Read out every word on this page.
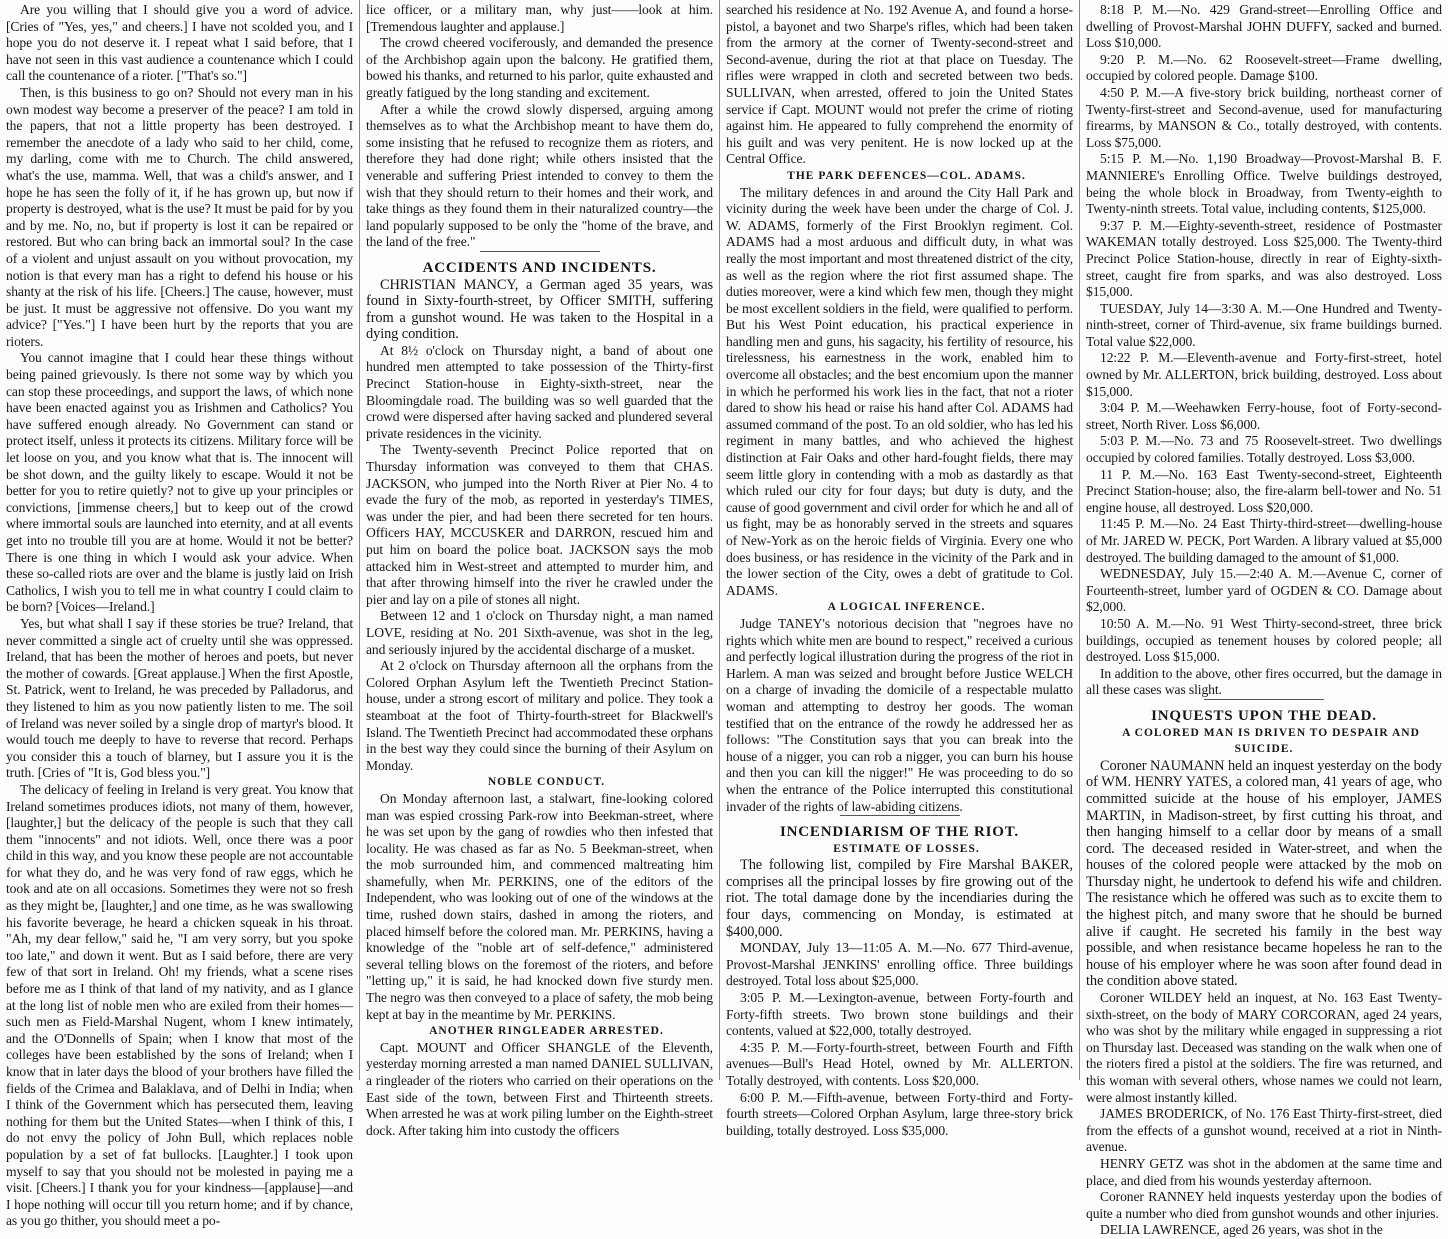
Are you willing that I should give you a word of advice. [Cries of "Yes, yes," and cheers.] I have not scolded you, and I hope you do not deserve it. I repeat what I said before, that I have not seen in this vast audience a countenance which I could call the countenance of a rioter. ["That's so."]

Then, is this business to go on? Should not every man in his own modest way become a preserver of the peace? I am told in the papers, that not a little property has been destroyed. I remember the anecdote of a lady who said to her child, come, my darling, come with me to Church. The child answered, what's the use, mamma. Well, that was a child's answer, and I hope he has seen the folly of it, if he has grown up, but now if property is destroyed, what is the use? It must be paid for by you and by me. No, no, but if property is lost it can be repaired or restored. But who can bring back an immortal soul? In the case of a violent and unjust assault on you without provocation, my notion is that every man has a right to defend his house or his shanty at the risk of his life. [Cheers.] The cause, however, must be just. It must be aggressive not offensive. Do you want my advice? ["Yes."] I have been hurt by the reports that you are rioters.

You cannot imagine that I could hear these things without being pained grievously. Is there not some way by which you can stop these proceedings, and support the laws, of which none have been enacted against you as Irishmen and Catholics? You have suffered enough already. No Government can stand or protect itself, unless it protects its citizens. Military force will be let loose on you, and you know what that is. The innocent will be shot down, and the guilty likely to escape. Would it not be better for you to retire quietly? not to give up your principles or convictions, [immense cheers,] but to keep out of the crowd where immortal souls are launched into eternity, and at all events get into no trouble till you are at home. Would it not be better? There is one thing in which I would ask your advice. When these so-called riots are over and the blame is justly laid on Irish Catholics, I wish you to tell me in what country I could claim to be born? [Voices—Ireland.]

Yes, but what shall I say if these stories be true? Ireland, that never committed a single act of cruelty until she was oppressed. Ireland, that has been the mother of heroes and poets, but never the mother of cowards. [Great applause.] When the first Apostle, St. Patrick, went to Ireland, he was preceded by Palladorus, and they listened to him as you now patiently listen to me. The soil of Ireland was never soiled by a single drop of martyr's blood. It would touch me deeply to have to reverse that record. Perhaps you consider this a touch of blarney, but I assure you it is the truth. [Cries of "It is, God bless you."]

The delicacy of feeling in Ireland is very great. You know that Ireland sometimes produces idiots, not many of them, however, [laughter,] but the delicacy of the people is such that they call them "innocents" and not idiots. Well, once there was a poor child in this way, and you know these people are not accountable for what they do, and he was very fond of raw eggs, which he took and ate on all occasions. Sometimes they were not so fresh as they might be, [laughter,] and one time, as he was swallowing his favorite beverage, he heard a chicken squeak in his throat. "Ah, my dear fellow," said he, "I am very sorry, but you spoke too late," and down it went. But as I said before, there are very few of that sort in Ireland. Oh! my friends, what a scene rises before me as I think of that land of my nativity, and as I glance at the long list of noble men who are exiled from their homes—such men as Field-Marshal Nugent, whom I knew intimately, and the O'Donnells of Spain; when I know that most of the colleges have been established by the sons of Ireland; when I know that in later days the blood of your brothers have filled the fields of the Crimea and Balaklava, and of Delhi in India; when I think of the Government which has persecuted them, leaving nothing for them but the United States—when I think of this, I do not envy the policy of John Bull, which replaces noble population by a set of fat bullocks. [Laughter.] I took upon myself to say that you should not be molested in paying me a visit. [Cheers.] I thank you for your kindness—[applause]—and I hope nothing will occur till you return home; and if by chance, as you go thither, you should meet a po-

lice officer, or a military man, why just——look at him. [Tremendous laughter and applause.]

The crowd cheered vociferously, and demanded the presence of the Archbishop again upon the balcony. He gratified them, bowed his thanks, and returned to his parlor, quite exhausted and greatly fatigued by the long standing and excitement.

After a while the crowd slowly dispersed, arguing among themselves as to what the Archbishop meant to have them do, some insisting that he refused to recognize them as rioters, and therefore they had done right; while others insisted that the venerable and suffering Priest intended to convey to them the wish that they should return to their homes and their work, and take things as they found them in their naturalized country—the land popularly supposed to be only the "home of the brave, and the land of the free."

ACCIDENTS AND INCIDENTS.

CHRISTIAN MANCY, a German aged 35 years, was found in Sixty-fourth-street, by Officer SMITH, suffering from a gunshot wound. He was taken to the Hospital in a dying condition.

At 8½ o'clock on Thursday night, a band of about one hundred men attempted to take possession of the Thirty-first Precinct Station-house in Eighty-sixth-street, near the Bloomingdale road. The building was so well guarded that the crowd were dispersed after having sacked and plundered several private residences in the vicinity.

The Twenty-seventh Precinct Police reported that on Thursday information was conveyed to them that CHAS. JACKSON, who jumped into the North River at Pier No. 4 to evade the fury of the mob, as reported in yesterday's TIMES, was under the pier, and had been there secreted for ten hours. Officers HAY, MCCUSKER and DARRON, rescued him and put him on board the police boat. JACKSON says the mob attacked him in West-street and attempted to murder him, and that after throwing himself into the river he crawled under the pier and lay on a pile of stones all night.

Between 12 and 1 o'clock on Thursday night, a man named LOVE, residing at No. 201 Sixth-avenue, was shot in the leg, and seriously injured by the accidental discharge of a musket.

At 2 o'clock on Thursday afternoon all the orphans from the Colored Orphan Asylum left the Twentieth Precinct Station-house, under a strong escort of military and police. They took a steamboat at the foot of Thirty-fourth-street for Blackwell's Island. The Twentieth Precinct had accommodated these orphans in the best way they could since the burning of their Asylum on Monday.

NOBLE CONDUCT.

On Monday afternoon last, a stalwart, fine-looking colored man was espied crossing Park-row into Beekman-street, where he was set upon by the gang of rowdies who then infested that locality. He was chased as far as No. 5 Beekman-street, when the mob surrounded him, and commenced maltreating him shamefully, when Mr. PERKINS, one of the editors of the Independent, who was looking out of one of the windows at the time, rushed down stairs, dashed in among the rioters, and placed himself before the colored man. Mr. PERKINS, having a knowledge of the "noble art of self-defence," administered several telling blows on the foremost of the rioters, and before "letting up," it is said, he had knocked down five sturdy men. The negro was then conveyed to a place of safety, the mob being kept at bay in the meantime by Mr. PERKINS.

ANOTHER RINGLEADER ARRESTED.

Capt. MOUNT and Officer SHANGLE of the Eleventh, yesterday morning arrested a man named DANIEL SULLIVAN, a ringleader of the rioters who carried on their operations on the East side of the town, between First and Thirteenth streets. When arrested he was at work piling lumber on the Eighth-street dock. After taking him into custody the officers

searched his residence at No. 192 Avenue A, and found a horse-pistol, a bayonet and two Sharpe's rifles, which had been taken from the armory at the corner of Twenty-second-street and Second-avenue, during the riot at that place on Tuesday. The rifles were wrapped in cloth and secreted between two beds. SULLIVAN, when arrested, offered to join the United States service if Capt. MOUNT would not prefer the crime of rioting against him. He appeared to fully comprehend the enormity of his guilt and was very penitent. He is now locked up at the Central Office.

THE PARK DEFENCES—COL. ADAMS.

The military defences in and around the City Hall Park and vicinity during the week have been under the charge of Col. J. W. ADAMS, formerly of the First Brooklyn regiment. Col. ADAMS had a most arduous and difficult duty, in what was really the most important and most threatened district of the city, as well as the region where the riot first assumed shape. The duties moreover, were a kind which few men, though they might be most excellent soldiers in the field, were qualified to perform. But his West Point education, his practical experience in handling men and guns, his sagacity, his fertility of resource, his tirelessness, his earnestness in the work, enabled him to overcome all obstacles; and the best encomium upon the manner in which he performed his work lies in the fact, that not a rioter dared to show his head or raise his hand after Col. ADAMS had assumed command of the post. To an old soldier, who has led his regiment in many battles, and who achieved the highest distinction at Fair Oaks and other hard-fought fields, there may seem little glory in contending with a mob as dastardly as that which ruled our city for four days; but duty is duty, and the cause of good government and civil order for which he and all of us fight, may be as honorably served in the streets and squares of New-York as on the heroic fields of Virginia. Every one who does business, or has residence in the vicinity of the Park and in the lower section of the City, owes a debt of gratitude to Col. ADAMS.

A LOGICAL INFERENCE.

Judge TANEY's notorious decision that "negroes have no rights which white men are bound to respect," received a curious and perfectly logical illustration during the progress of the riot in Harlem. A man was seized and brought before Justice WELCH on a charge of invading the domicile of a respectable mulatto woman and attempting to destroy her goods. The woman testified that on the entrance of the rowdy he addressed her as follows: "The Constitution says that you can break into the house of a nigger, you can rob a nigger, you can burn his house and then you can kill the nigger!" He was proceeding to do so when the entrance of the Police interrupted this constitutional invader of the rights of law-abiding citizens.

INCENDIARISM OF THE RIOT.

ESTIMATE OF LOSSES.

The following list, compiled by Fire Marshal BAKER, comprises all the principal losses by fire growing out of the riot. The total damage done by the incendiaries during the four days, commencing on Monday, is estimated at $400,000.

MONDAY, July 13—11:05 A. M.—No. 677 Third-avenue, Provost-Marshal JENKINS' enrolling office. Three buildings destroyed. Total loss about $25,000.

3:05 P. M.—Lexington-avenue, between Forty-fourth and Forty-fifth streets. Two brown stone buildings and their contents, valued at $22,000, totally destroyed.

4:35 P. M.—Forty-fourth-street, between Fourth and Fifth avenues—Bull's Head Hotel, owned by Mr. ALLERTON. Totally destroyed, with contents. Loss $20,000.

6:00 P. M.—Fifth-avenue, between Forty-third and Forty-fourth streets—Colored Orphan Asylum, large three-story brick building, totally destroyed. Loss $35,000.

8:18 P. M.—No. 429 Grand-street—Enrolling Office and dwelling of Provost-Marshal JOHN DUFFY, sacked and burned. Loss $10,000.

9:20 P. M.—No. 62 Roosevelt-street—Frame dwelling, occupied by colored people. Damage $100.

4:50 P. M.—A five-story brick building, northeast corner of Twenty-first-street and Second-avenue, used for manufacturing firearms, by MANSON & Co., totally destroyed, with contents. Loss $75,000.

5:15 P. M.—No. 1,190 Broadway—Provost-Marshal B. F. MANNIERE's Enrolling Office. Twelve buildings destroyed, being the whole block in Broadway, from Twenty-eighth to Twenty-ninth streets. Total value, including contents, $125,000.

9:37 P. M.—Eighty-seventh-street, residence of Postmaster WAKEMAN totally destroyed. Loss $25,000. The Twenty-third Precinct Police Station-house, directly in rear of Eighty-sixth-street, caught fire from sparks, and was also destroyed. Loss $15,000.

TUESDAY, July 14—3:30 A. M.—One Hundred and Twenty-ninth-street, corner of Third-avenue, six frame buildings burned. Total value $22,000.

12:22 P. M.—Eleventh-avenue and Forty-first-street, hotel owned by Mr. ALLERTON, brick building, destroyed. Loss about $15,000.

3:04 P. M.—Weehawken Ferry-house, foot of Forty-second-street, North River. Loss $6,000.

5:03 P. M.—No. 73 and 75 Roosevelt-street. Two dwellings occupied by colored families. Totally destroyed. Loss $3,000.

11 P. M.—No. 163 East Twenty-second-street, Eighteenth Precinct Station-house; also, the fire-alarm bell-tower and No. 51 engine house, all destroyed. Loss $20,000.

11:45 P. M.—No. 24 East Thirty-third-street—dwelling-house of Mr. JARED W. PECK, Port Warden. A library valued at $5,000 destroyed. The building damaged to the amount of $1,000.

WEDNESDAY, July 15.—2:40 A. M.—Avenue C, corner of Fourteenth-street, lumber yard of OGDEN & CO. Damage about $2,000.

10:50 A. M.—No. 91 West Thirty-second-street, three brick buildings, occupied as tenement houses by colored people; all destroyed. Loss $15,000.

In addition to the above, other fires occurred, but the damage in all these cases was slight.

INQUESTS UPON THE DEAD.

A COLORED MAN IS DRIVEN TO DESPAIR AND SUICIDE.

Coroner NAUMANN held an inquest yesterday on the body of WM. HENRY YATES, a colored man, 41 years of age, who committed suicide at the house of his employer, JAMES MARTIN, in Madison-street, by first cutting his throat, and then hanging himself to a cellar door by means of a small cord. The deceased resided in Water-street, and when the houses of the colored people were attacked by the mob on Thursday night, he undertook to defend his wife and children. The resistance which he offered was such as to excite them to the highest pitch, and many swore that he should be burned alive if caught. He secreted his family in the best way possible, and when resistance became hopeless he ran to the house of his employer where he was soon after found dead in the condition above stated.

Coroner WILDEY held an inquest, at No. 163 East Twenty-sixth-street, on the body of MARY CORCORAN, aged 24 years, who was shot by the military while engaged in suppressing a riot on Thursday last. Deceased was standing on the walk when one of the rioters fired a pistol at the soldiers. The fire was returned, and this woman with several others, whose names we could not learn, were almost instantly killed.

JAMES BRODERICK, of No. 176 East Thirty-first-street, died from the effects of a gunshot wound, received at a riot in Ninth-avenue.

HENRY GETZ was shot in the abdomen at the same time and place, and died from his wounds yesterday afternoon.

Coroner RANNEY held inquests yesterday upon the bodies of quite a number who died from gunshot wounds and other injuries.

DELIA LAWRENCE, aged 26 years, was shot in the
